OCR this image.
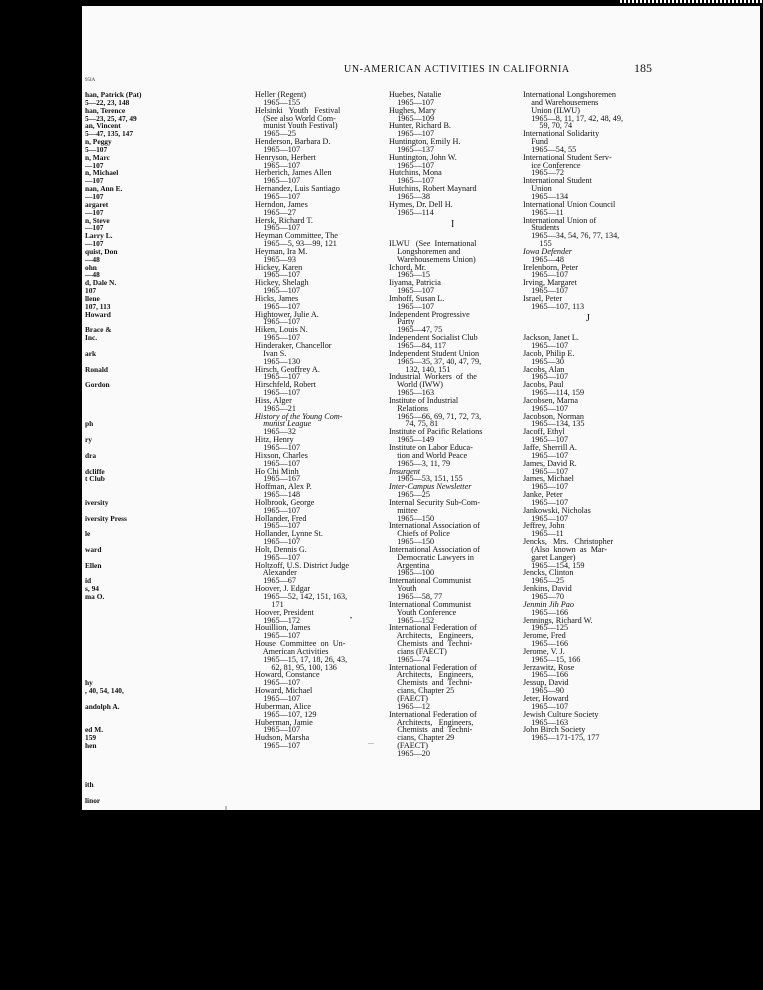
UN-AMERICAN ACTIVITIES IN CALIFORNIA	185
95IA
han, Patrick (Pat)
5—22, 23, 148
han, Terence
5—23, 25, 47, 49
an, Vincent
5—47, 135, 147
n, Peggy
5—107
n, Marc
—107
n, Michael
—107
nan, Ann E.
—107
argaret
—107
n, Steve
—107
Larry L.
—107
quist, Don
—48
ohn
—48
d, Dale N.
107
llene
107, 113
Howard
Brace &
Inc.
ark
Ronald
Gordon
ph
ry
dra
dcliffe
t Club
iversity
iversity Press
le
ward
Ellen
id
s, 94
ma O.
hy
, 40, 54, 140,
andolph A.
ed M.
159
hen
ith
linor
Heller (Regent)
1965—155
Helsinki   Youth   Festival
(See also World Com-
munist Youth Festival)
1965—25
Henderson, Barbara D.
1965—107
Henryson, Herbert
1965—107
Herberich, James Allen
1965—107
Hernandez, Luis Santiago
1965—107
Herndon, James
1965—27
Hersk, Richard T.
1965—107
Heyman Committee, The
1965—5, 93—99, 121
Heyman, Ira M.
1965—93
Hickey, Karen
1965—107
Hickey, Shelagh
1965—107
Hicks, James
1965—107
Hightower, Julie A.
1965—107
Hiken, Louis N.
1965—107
Hinderaker, Chancellor
Ivan S.
1965—130
Hirsch, Geoffrey A.
1965—107
Hirschfeld, Robert
1965—107
Hiss, Alger
1965—21
History of the Young Com-
munist League
1965—32
Hitz, Henry
1965—107
Hixson, Charles
1965—107
Ho Chi Minh
1965—167
Hoffman, Alex P.
1965—148
Holbrook, George
1965—107
Hollander, Fred
1965—107
Hollander, Lynne St.
1965—107
Holt, Dennis G.
1965—107
Holtzoff, U.S. District Judge
Alexander
1965—67
Hoover, J. Edgar
1965—52, 142, 151, 163,
171
Hoover, President
1965—172
Houillion, James
1965—107
House  Committee  on  Un-
American Activities
1965—15, 17, 18, 26, 43,
62, 81, 95, 100, 136
Howard, Constance
1965—107
Howard, Michael
1965—107
Huberman, Alice
1965—107, 129
Huberman, Jamie
1965—107
Hudson, Marsha
1965—107
Huebes, Natalie
1965—107
Hughes, Mary
1965—109
Hunter, Richard B.
1965—107
Huntington, Emily H.
1965—137
Huntington, John W.
1965—107
Hutchins, Mona
1965—107
Hutchins, Robert Maynard
1965—38
Hymes, Dr. Dell H.
1965—114
ILWU   (See  International
Longshoremen and
Warehousemens Union)
Ichord, Mr.
1965—15
Iiyama, Patricia
1965—107
Imhoff, Susan L.
1965—107
Independent Progressive
Party
1965—47, 75
Independent Socialist Club
1965—84, 117
Independent Student Union
1965—35, 37, 40, 47, 79,
132, 140, 151
Industrial  Workers  of  the
World (IWW)
1965—163
Institute of Industrial
Relations
1965—66, 69, 71, 72, 73,
74, 75, 81
Institute of Pacific Relations
1965—149
Institute on Labor Educa-
tion and World Peace
1965—3, 11, 79
Insurgent
1965—53, 151, 155
Inter-Campus Newsletter
1965—25
Internal Security Sub-Com-
mittee
1965—150
International Association of
Chiefs of Police
1965—150
International Association of
Democratic Lawyers in
Argentina
1965—100
International Communist
Youth
1965—58, 77
International Communist
Youth Conference
1965—152
International Federation of
Architects,   Engineers,
Chemists  and  Techni-
cians (FAECT)
1965—74
International Federation of
Architects,   Engineers,
Chemists  and  Techni-
cians, Chapter 25
(FAECT)
1965—12
International Federation of
Architects,   Engineers,
Chemists  and  Techni-
cians, Chapter 29
(FAECT)
1965—20
International Longshoremen
and Warehousemens
Union (ILWU)
1965—8, 11, 17, 42, 48, 49,
59, 70, 74
International Solidarity
Fund
1965—54, 55
International Student Serv-
ice Conference
1965—72
International Student
Union
1965—134
International Union Council
1965—11
International Union of
Students
1965—34, 54, 76, 77, 134,
155
Iowa Defender
1965—48
Irelenborn, Peter
1965—107
Irving, Margaret
1965—107
Israel, Peter
1965—107, 113
Jackson, Janet L.
1965—107
Jacob, Philip E.
1965—30
Jacobs, Alan
1965—107
Jacobs, Paul
1965—114, 159
Jacobsen, Marna
1965—107
Jacobson, Norman
1965—134, 135
Jacoff, Ethyl
1965—107
Jaffe, Sherrill A.
1965—107
James, David R.
1965—107
James, Michael
1965—107
Janke, Peter
1965—107
Jankowski, Nicholas
1965—107
Jeffrey, John
1965—11
Jencks,   Mrs.   Christopher
(Also  known  as  Mar-
garet Langer)
1965—154, 159
Jencks, Clinton
1965—25
Jenkins, David
1965—70
Jenmin Jih Pao
1965—166
Jennings, Richard W.
1965—125
Jerome, Fred
1965—166
Jerome, V. J.
1965—15, 166
Jerzawitz, Rose
1965—166
Jessup, David
1965—90
Jeter, Howard
1965—107
Jewish Culture Society
1965—163
John Birch Society
1965—171-175, 177
I
J
•
―
